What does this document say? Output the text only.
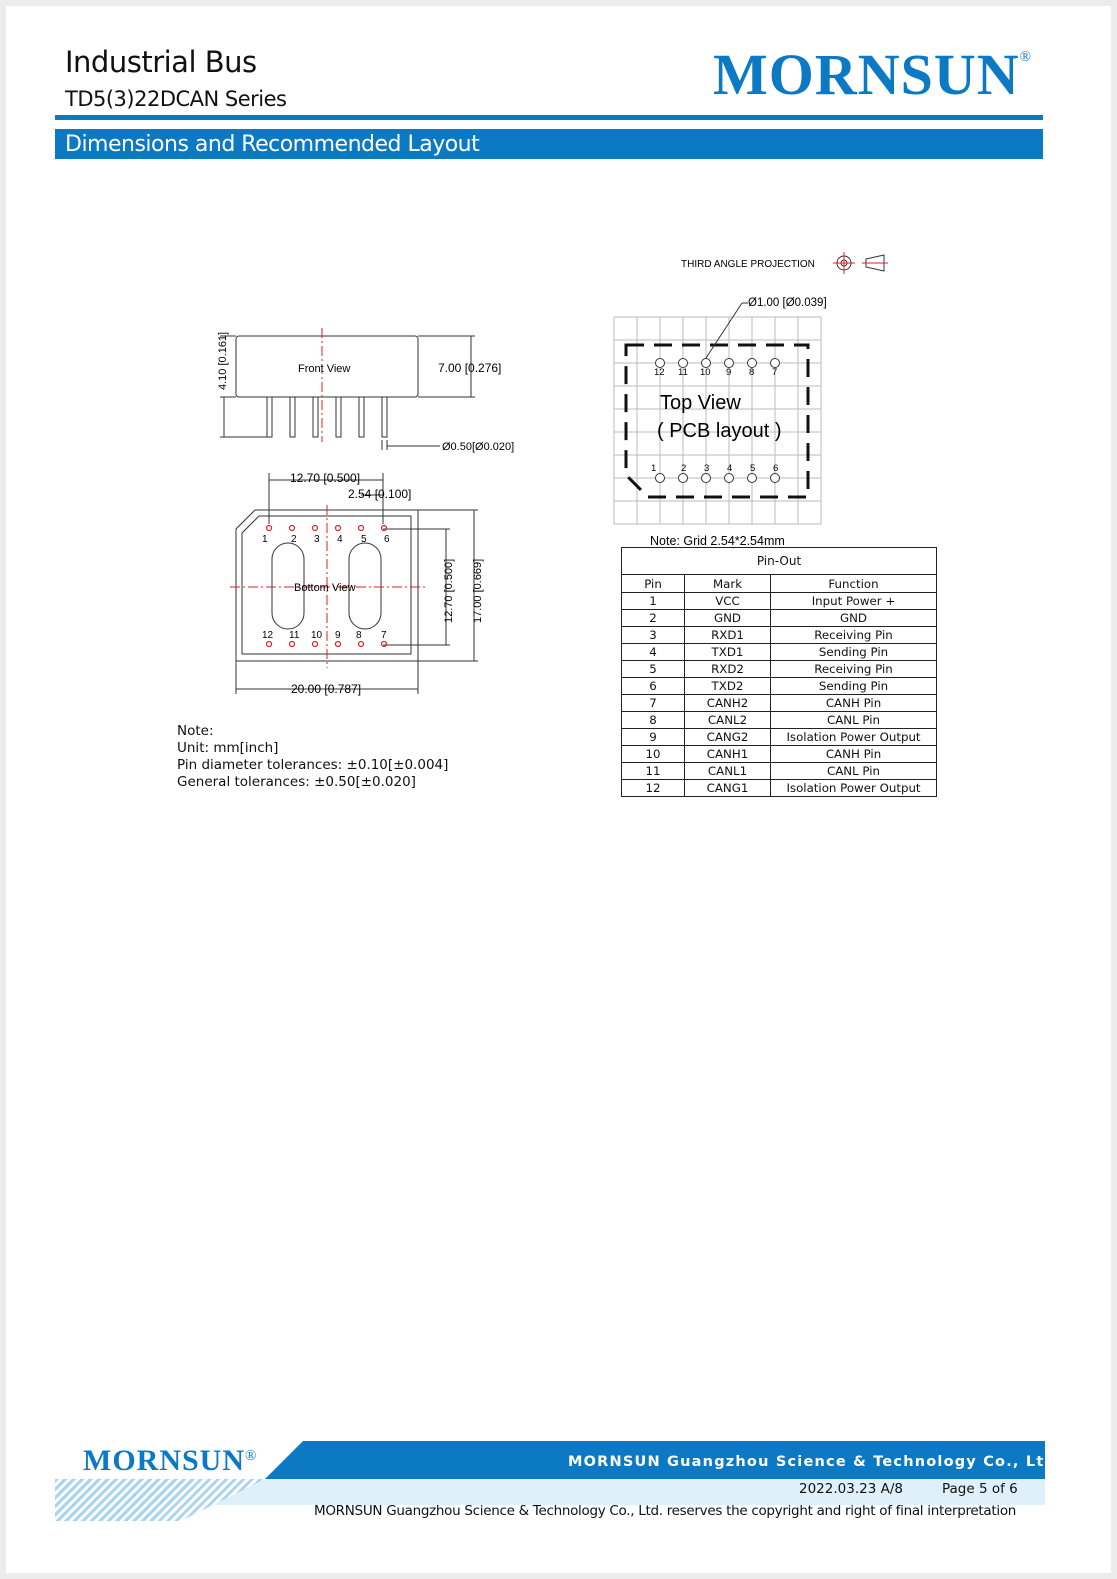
Industrial Bus
TD5(3)22DCAN Series	MORNSUN®
Dimensions and Recommended Layout
THIRD ANGLE PROJECTION
Front View	7.00 [0.276]
4.10 [0.161]
Ø0.50[Ø0.020]
1 2 3 4 5 6
12 11 10 9 8 7
Bottom View
12.70 [0.500]
2.54 [0.100]
12.70 [0.500] 17.00 [0.669]
20.00 [0.787]
12 11 10 9 8 7
1	2 3 4 5 6
Ø1.00 [Ø0.039]
Top View
( PCB layout )
Note: Grid 2.54*2.54mm
Note:
Unit: mm[inch]
Pin diameter tolerances: ±0.10[±0.004]
General tolerances: ±0.50[±0.020]
Pin-Out
Pin	Mark	Function
1	VCC	Input Power +
2	GND	GND
3	RXD1	Receiving Pin
4	TXD1	Sending Pin
5	RXD2	Receiving Pin
6	TXD2	Sending Pin
7	CANH2	CANH Pin
8	CANL2	CANL Pin
9	CANG2	Isolation Power Output
10	CANH1	CANH Pin
11	CANL1	CANL Pin
12	CANG1	Isolation Power Output
MORNSUN®	MORNSUN Guangzhou Science & Technology Co., Ltd.
2022.03.23 A/8	Page 5 of 6
MORNSUN Guangzhou Science & Technology Co., Ltd. reserves the copyright and right of final interpretation
